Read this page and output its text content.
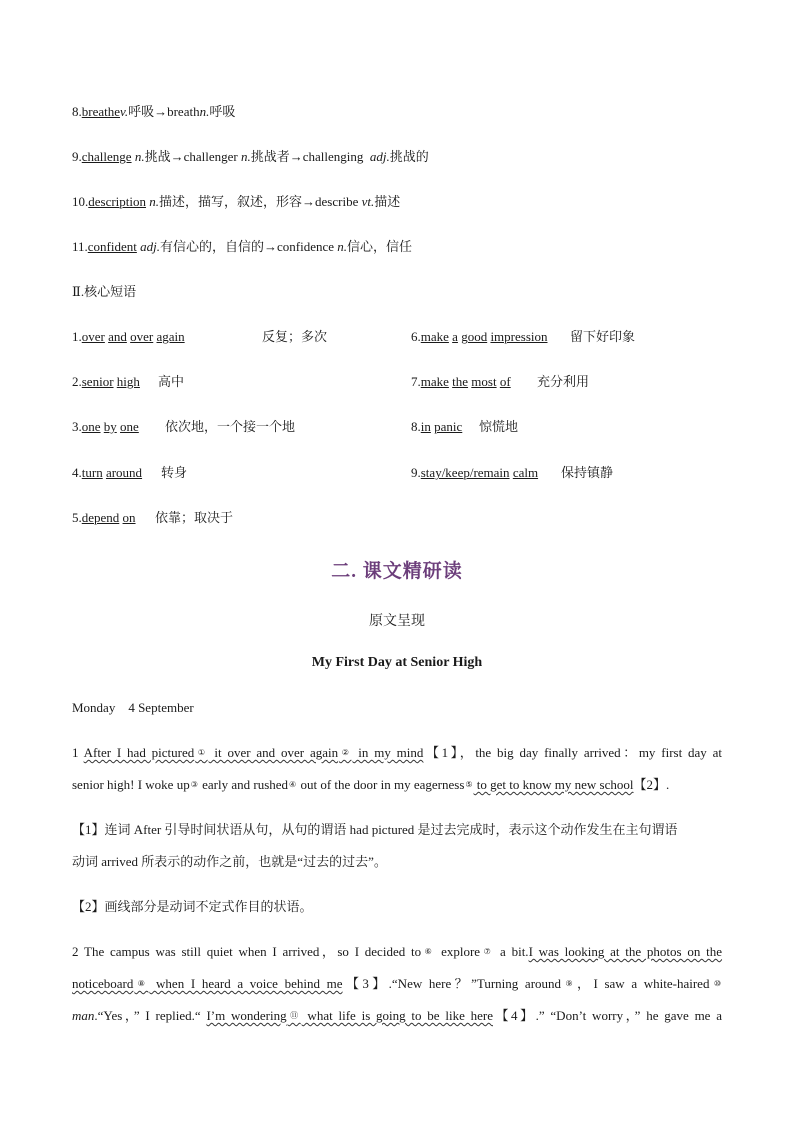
8.breathev.呼吸→breathn.呼吸
9.challenge n.挑战→challenger n.挑战者→challenging adj.挑战的
10.description n.描述，描写，叙述，形容→describe vt.描述
11.confident adj.有信心的，自信的→confidence n.信心，信任
Ⅱ.核心短语
1.over and over again	反复；多次
2.senior high 高中
3.one by one 依次地，一个接一个地
4.turn around 转身
5.depend on 依靠；取决于
6.make a good impression 留下好印象
7.make the most of 充分利用
8.in panic 惊慌地
9.stay/keep/remain calm 保持镇静
二. 课文精研读
原文呈现
My First Day at Senior High
Monday　4 September
1 After I had pictured① it over and over again② in my mind【1】，the big day finally arrived：my first day at
senior high! I woke up③ early and rushed④ out of the door in my eagerness⑤ to get to know my new school【2】.
【1】连词 After 引导时间状语从句，从句的谓语 had pictured 是过去完成时，表示这个动作发生在主句谓语
动词 arrived 所表示的动作之前，也就是“过去的过去”。
【2】画线部分是动词不定式作目的状语。
2 The campus was still quiet when I arrived，so I decided to⑥ explore⑦ a bit.I was looking at the photos on the
noticeboard⑧ when I heard a voice behind me【3】.“New here？”Turning around⑨，I saw a white-haired⑩
man.“Yes，” I replied.“ I’m wondering⑪ what life is going to be like here【4】.” “Don’t worry，” he gave me a
